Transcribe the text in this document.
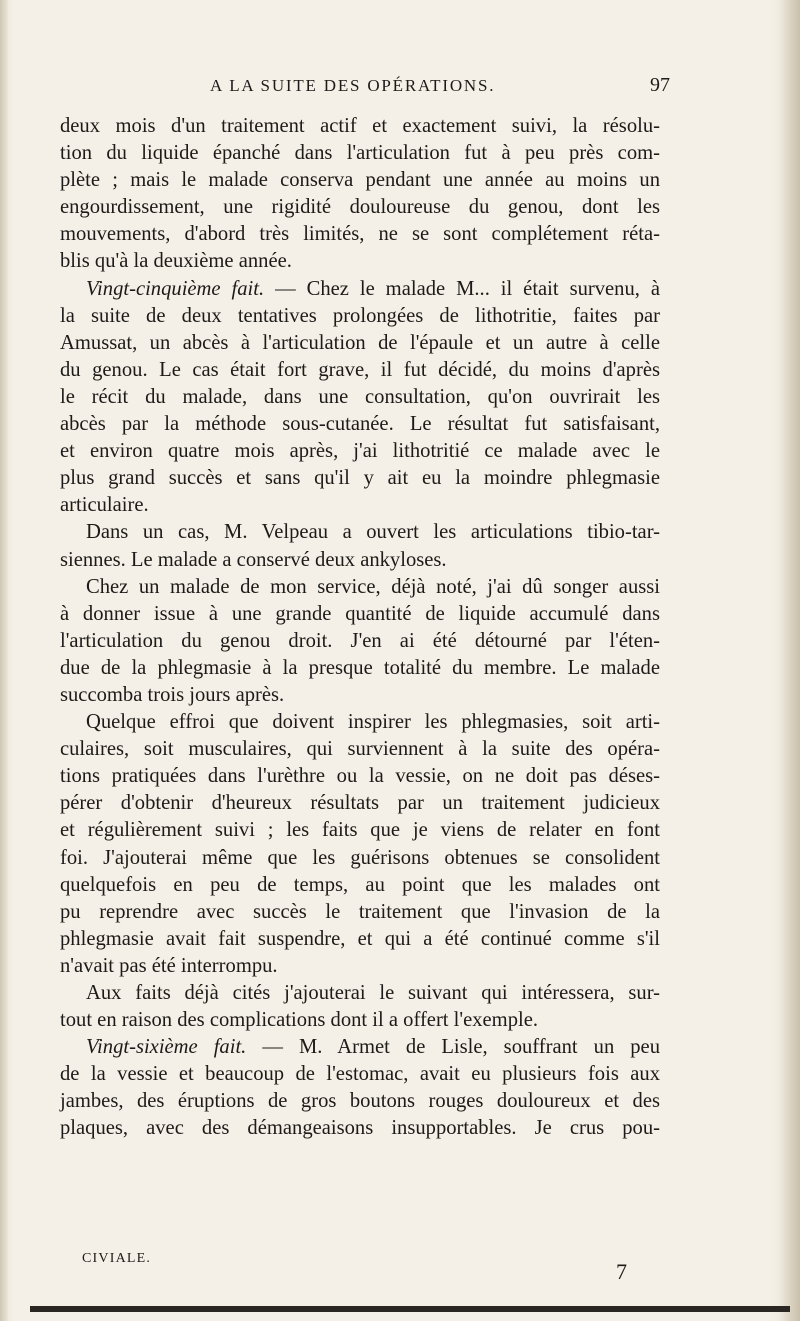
A LA SUITE DES OPÉRATIONS.	97
deux mois d'un traitement actif et exactement suivi, la résolu-
tion du liquide épanché dans l'articulation fut à peu près com-
plète ; mais le malade conserva pendant une année au moins un
engourdissement, une rigidité douloureuse du genou, dont les
mouvements, d'abord très limités, ne se sont complétement réta-
blis qu'à la deuxième année.
Vingt-cinquième fait. — Chez le malade M... il était survenu, à
la suite de deux tentatives prolongées de lithotritie, faites par
Amussat, un abcès à l'articulation de l'épaule et un autre à celle
du genou. Le cas était fort grave, il fut décidé, du moins d'après
le récit du malade, dans une consultation, qu'on ouvrirait les
abcès par la méthode sous-cutanée. Le résultat fut satisfaisant,
et environ quatre mois après, j'ai lithotritié ce malade avec le
plus grand succès et sans qu'il y ait eu la moindre phlegmasie
articulaire.
Dans un cas, M. Velpeau a ouvert les articulations tibio-tar-
siennes. Le malade a conservé deux ankyloses.
Chez un malade de mon service, déjà noté, j'ai dû songer aussi
à donner issue à une grande quantité de liquide accumulé dans
l'articulation du genou droit. J'en ai été détourné par l'éten-
due de la phlegmasie à la presque totalité du membre. Le malade
succomba trois jours après.
Quelque effroi que doivent inspirer les phlegmasies, soit arti-
culaires, soit musculaires, qui surviennent à la suite des opéra-
tions pratiquées dans l'urèthre ou la vessie, on ne doit pas déses-
pérer d'obtenir d'heureux résultats par un traitement judicieux
et régulièrement suivi ; les faits que je viens de relater en font
foi. J'ajouterai même que les guérisons obtenues se consolident
quelquefois en peu de temps, au point que les malades ont
pu reprendre avec succès le traitement que l'invasion de la
phlegmasie avait fait suspendre, et qui a été continué comme s'il
n'avait pas été interrompu.
Aux faits déjà cités j'ajouterai le suivant qui intéressera, sur-
tout en raison des complications dont il a offert l'exemple.
Vingt-sixième fait. — M. Armet de Lisle, souffrant un peu
de la vessie et beaucoup de l'estomac, avait eu plusieurs fois aux
jambes, des éruptions de gros boutons rouges douloureux et des
plaques, avec des démangeaisons insupportables. Je crus pou-
CIVIALE.
7
